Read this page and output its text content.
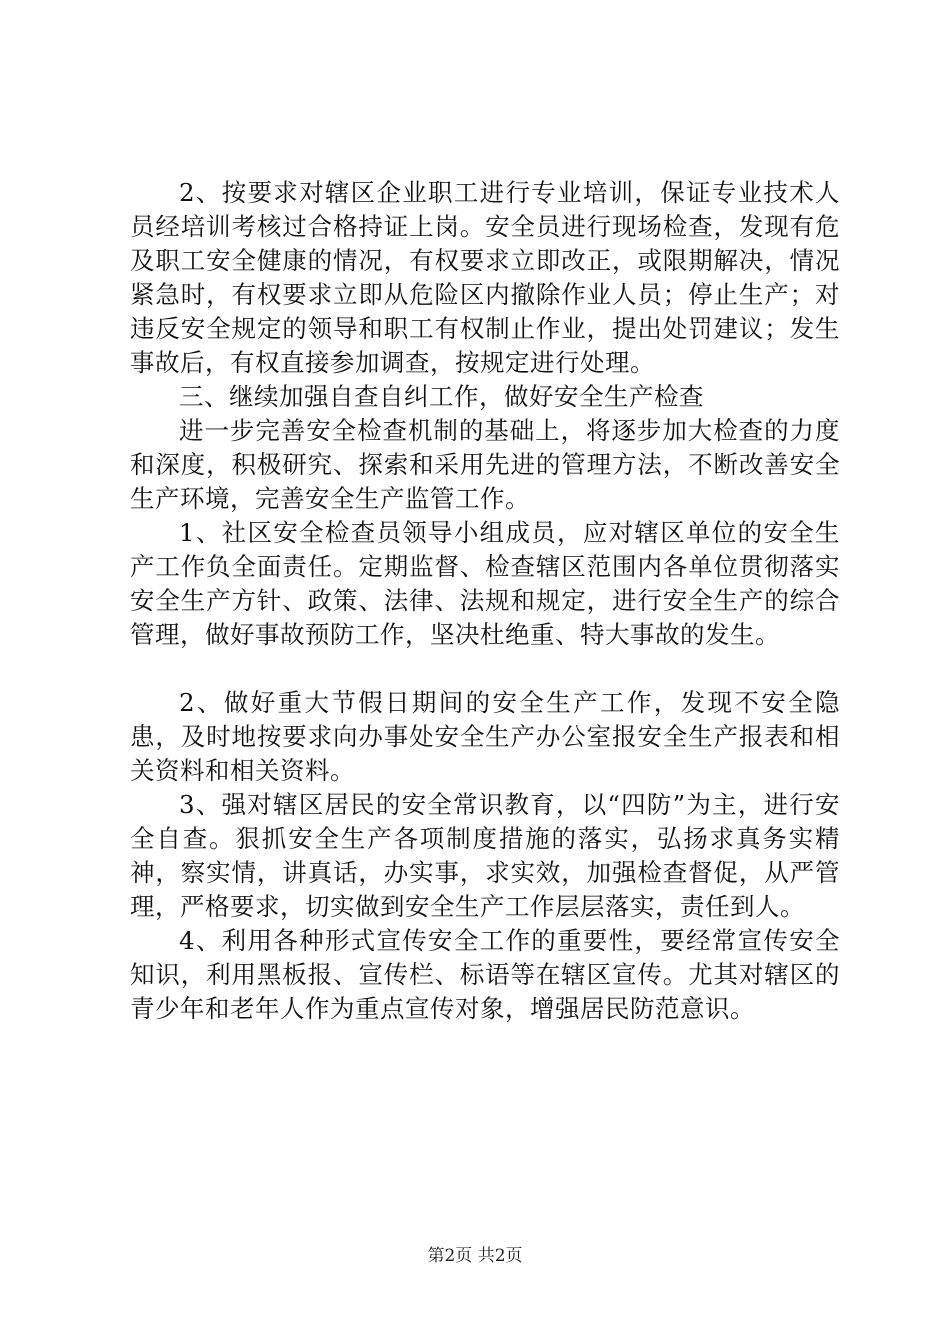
2、按要求对辖区企业职工进行专业培训，保证专业技术人员经培训考核过合格持证上岗。安全员进行现场检查，发现有危及职工安全健康的情况，有权要求立即改正，或限期解决，情况紧急时，有权要求立即从危险区内撤除作业人员；停止生产；对违反安全规定的领导和职工有权制止作业，提出处罚建议；发生事故后，有权直接参加调查，按规定进行处理。

三、继续加强自查自纠工作，做好安全生产检查

进一步完善安全检查机制的基础上，将逐步加大检查的力度和深度，积极研究、探索和采用先进的管理方法，不断改善安全生产环境，完善安全生产监管工作。

1、社区安全检查员领导小组成员，应对辖区单位的安全生产工作负全面责任。定期监督、检查辖区范围内各单位贯彻落实安全生产方针、政策、法律、法规和规定，进行安全生产的综合管理，做好事故预防工作，坚决杜绝重、特大事故的发生。

2、做好重大节假日期间的安全生产工作，发现不安全隐患，及时地按要求向办事处安全生产办公室报安全生产报表和相关资料和相关资料。

3、强对辖区居民的安全常识教育，以“四防”为主，进行安全自查。狠抓安全生产各项制度措施的落实，弘扬求真务实精神，察实情，讲真话，办实事，求实效，加强检查督促，从严管理，严格要求，切实做到安全生产工作层层落实，责任到人。

4、利用各种形式宣传安全工作的重要性，要经常宣传安全知识，利用黑板报、宣传栏、标语等在辖区宣传。尤其对辖区的青少年和老年人作为重点宣传对象，增强居民防范意识。

第2页 共2页
